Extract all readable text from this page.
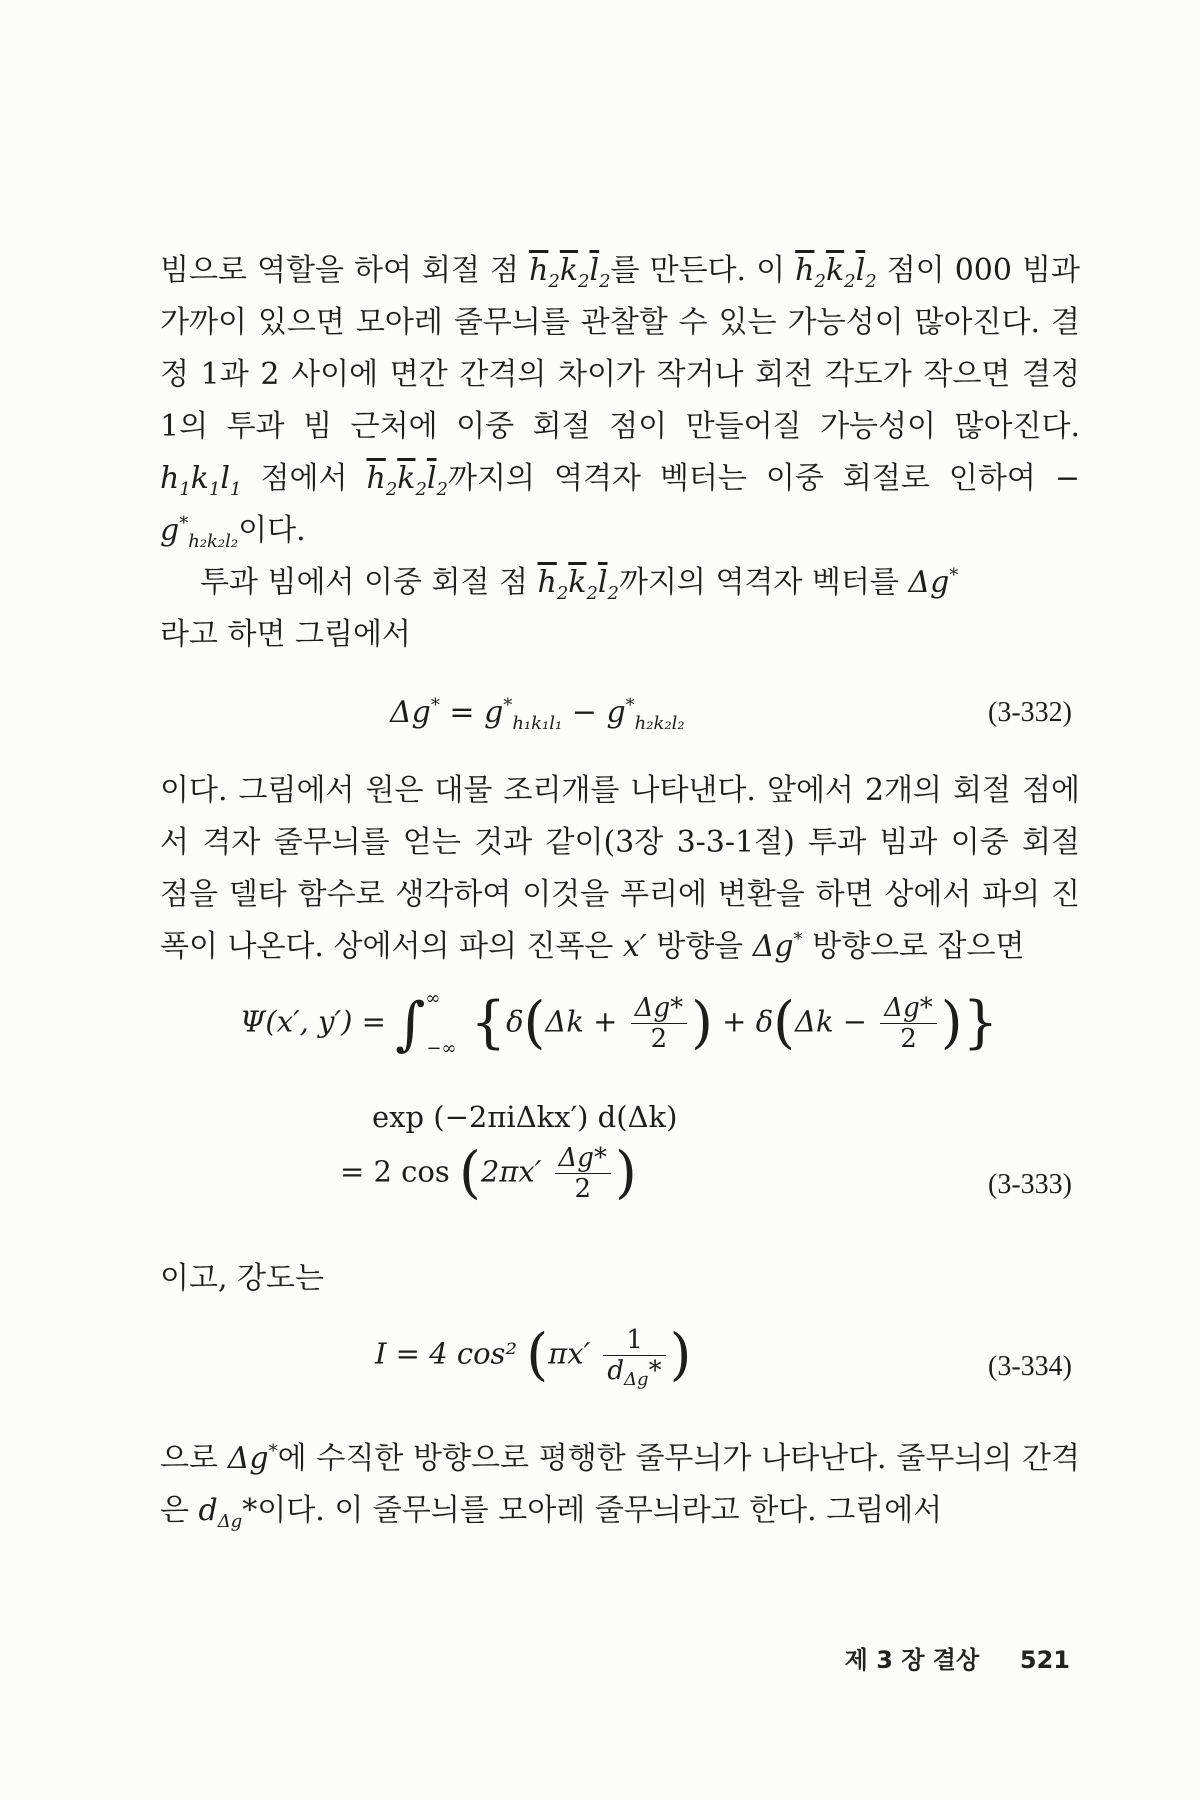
빔으로 역할을 하여 회절 점 $\overline{h}_2\overline{k}_2\overline{l}_2$를 만든다. 이 $\overline{h}_2\overline{k}_2\overline{l}_2$ 점이 000 빔과 가까이 있으면 모아레 줄무늬를 관찰할 수 있는 가능성이 많아진다. 결정 1과 2 사이에 면간 간격의 차이가 작거나 회전 각도가 작으면 결정 1의 투과 빔 근처에 이중 회절 점이 만들어질 가능성이 많아진다. $h_1k_1l_1$ 점에서 $\overline{h}_2\overline{k}_2\overline{l}_2$까지의 역격자 벡터는 이중 회절로 인하여 − $g^*_{h_2k_2l_2}$이다.

투과 빔에서 이중 회절 점 $\overline{h}_2\overline{k}_2\overline{l}_2$까지의 역격자 벡터를 Δg*
라고 하면 그림에서

$\Delta g^* = g^*_{h_1k_1l_1} - g^*_{h_2k_2l_2}$	(3-332)

이다. 그림에서 원은 대물 조리개를 나타낸다. 앞에서 2개의 회절 점에서 격자 줄무늬를 얻는 것과 같이(3장 3-3-1절) 투과 빔과 이중 회절 점을 델타 함수로 생각하여 이것을 푸리에 변환을 하면 상에서 파의 진폭이 나온다. 상에서의 파의 진폭은 x′ 방향을 Δg* 방향으로 잡으면

Ψ(x′, $y') = \int^\infty_{-\infty}$ {$\delta(\Delta k + \frac{\Delta g*}{2}$ ) + $\delta(\Delta k - \frac{\Delta g*}{2}$ )}
exp (−2πiΔkx′) d(Δk)
= 2 $\cos (2\pi x' \frac{\Delta g*}{2}$ )	(3-333)

이고, 강도는

I = 4 cos² ($\pi x' \frac{1}{d_{\Delta g}*}$ )	(3-334)

으로 Δg*에 수직한 방향으로 평행한 줄무늬가 나타난다. 줄무늬의 간격은 $d_{\Delta g}*$이다. 이 줄무늬를 모아레 줄무늬라고 한다. 그림에서

제 3 장 결상 521
